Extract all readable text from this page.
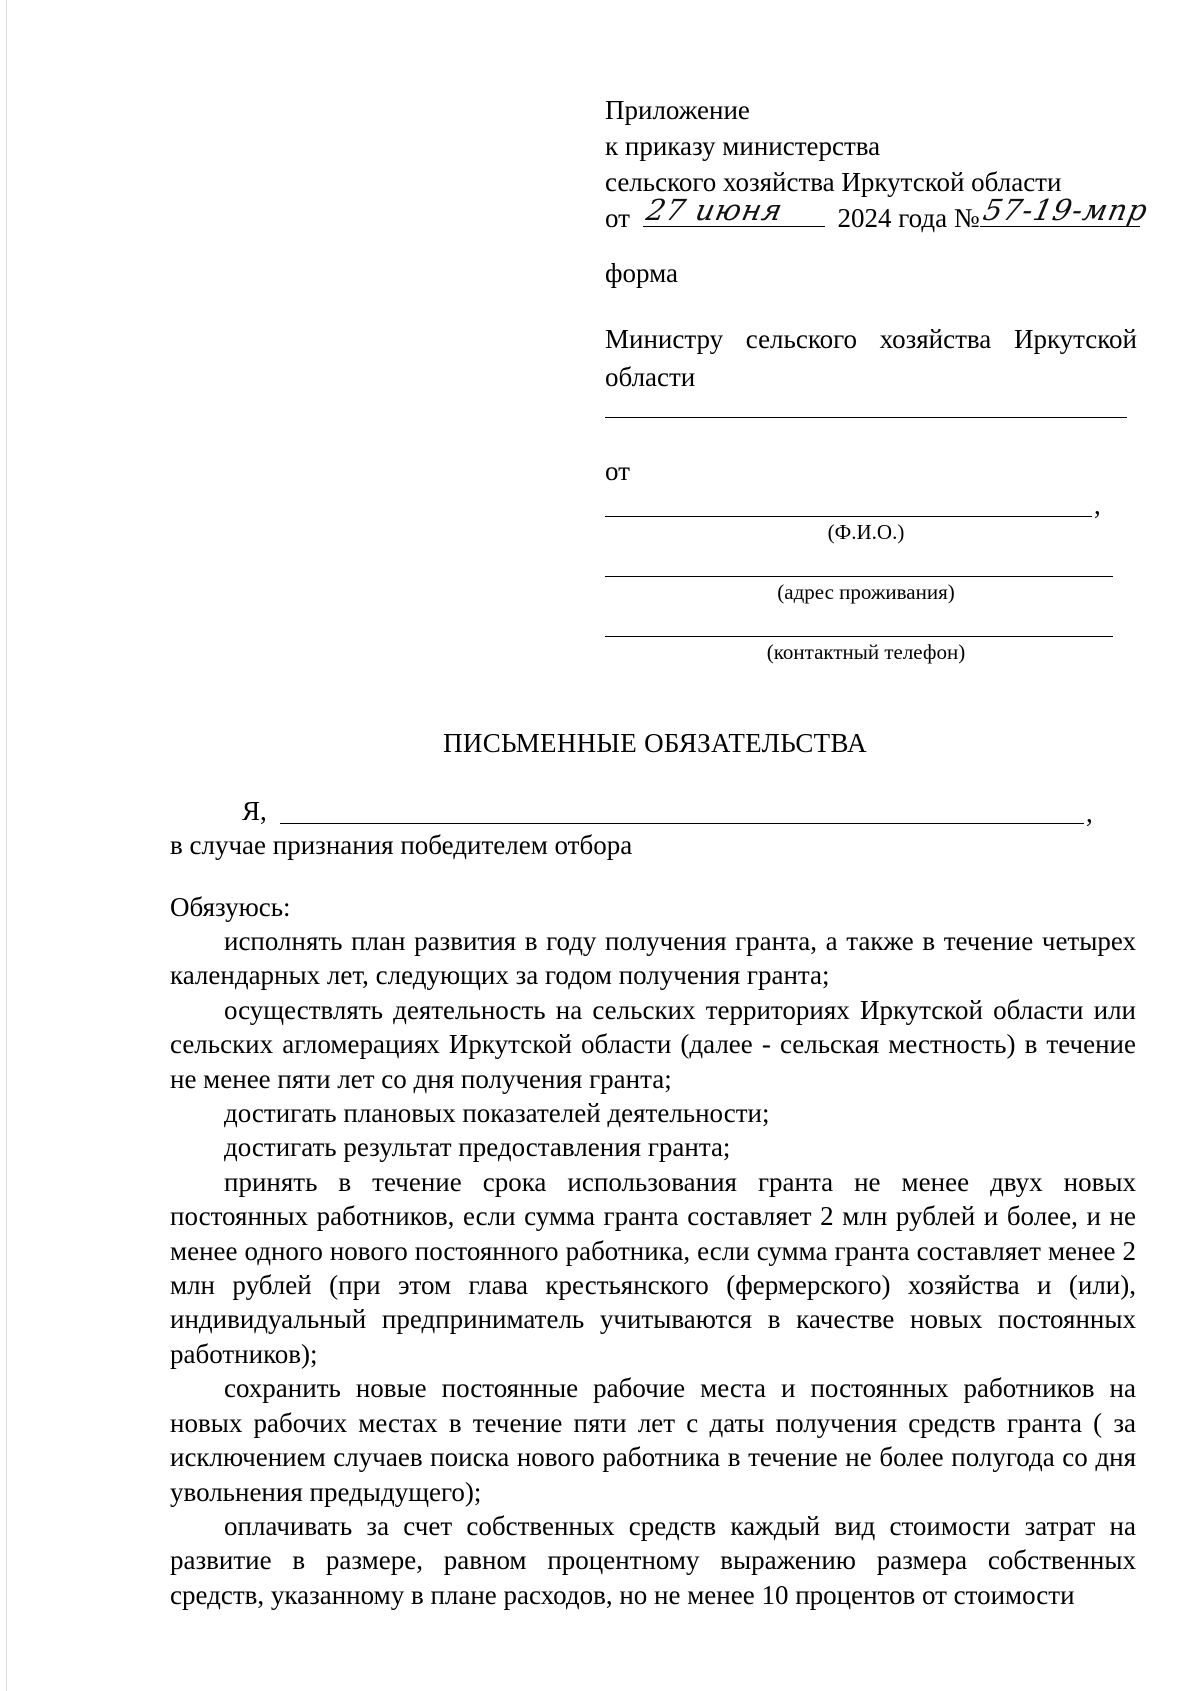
Приложение
к приказу министерства
сельского хозяйства Иркутской области
от 27 июня 2024 года № 57-19-мпр
форма
Министру сельского хозяйства Иркутской
области
от
,
(Ф.И.О.)
(адрес проживания)
(контактный телефон)
ПИСЬМЕННЫЕ ОБЯЗАТЕЛЬСТВА
Я,	,
в случае признания победителем отбора
Обязуюсь:

исполнять план развития в году получения гранта, а также в течение четырех календарных лет, следующих за годом получения гранта;

осуществлять деятельность на сельских территориях Иркутской области или сельских агломерациях Иркутской области (далее - сельская местность) в течение не менее пяти лет со дня получения гранта;

достигать плановых показателей деятельности;

достигать результат предоставления гранта;

принять в течение срока использования гранта не менее двух новых постоянных работников, если сумма гранта составляет 2 млн рублей и более, и не менее одного нового постоянного работника, если сумма гранта составляет менее 2 млн рублей (при этом глава крестьянского (фермерского) хозяйства и (или), индивидуальный предприниматель учитываются в качестве новых постоянных работников);

сохранить новые постоянные рабочие места и постоянных работников на новых рабочих местах в течение пяти лет с даты получения средств гранта ( за исключением случаев поиска нового работника в течение не более полугода со дня увольнения предыдущего);

оплачивать за счет собственных средств каждый вид стоимости затрат на развитие в размере, равном процентному выражению размера собственных средств, указанному в плане расходов, но не менее 10 процентов от стоимости
